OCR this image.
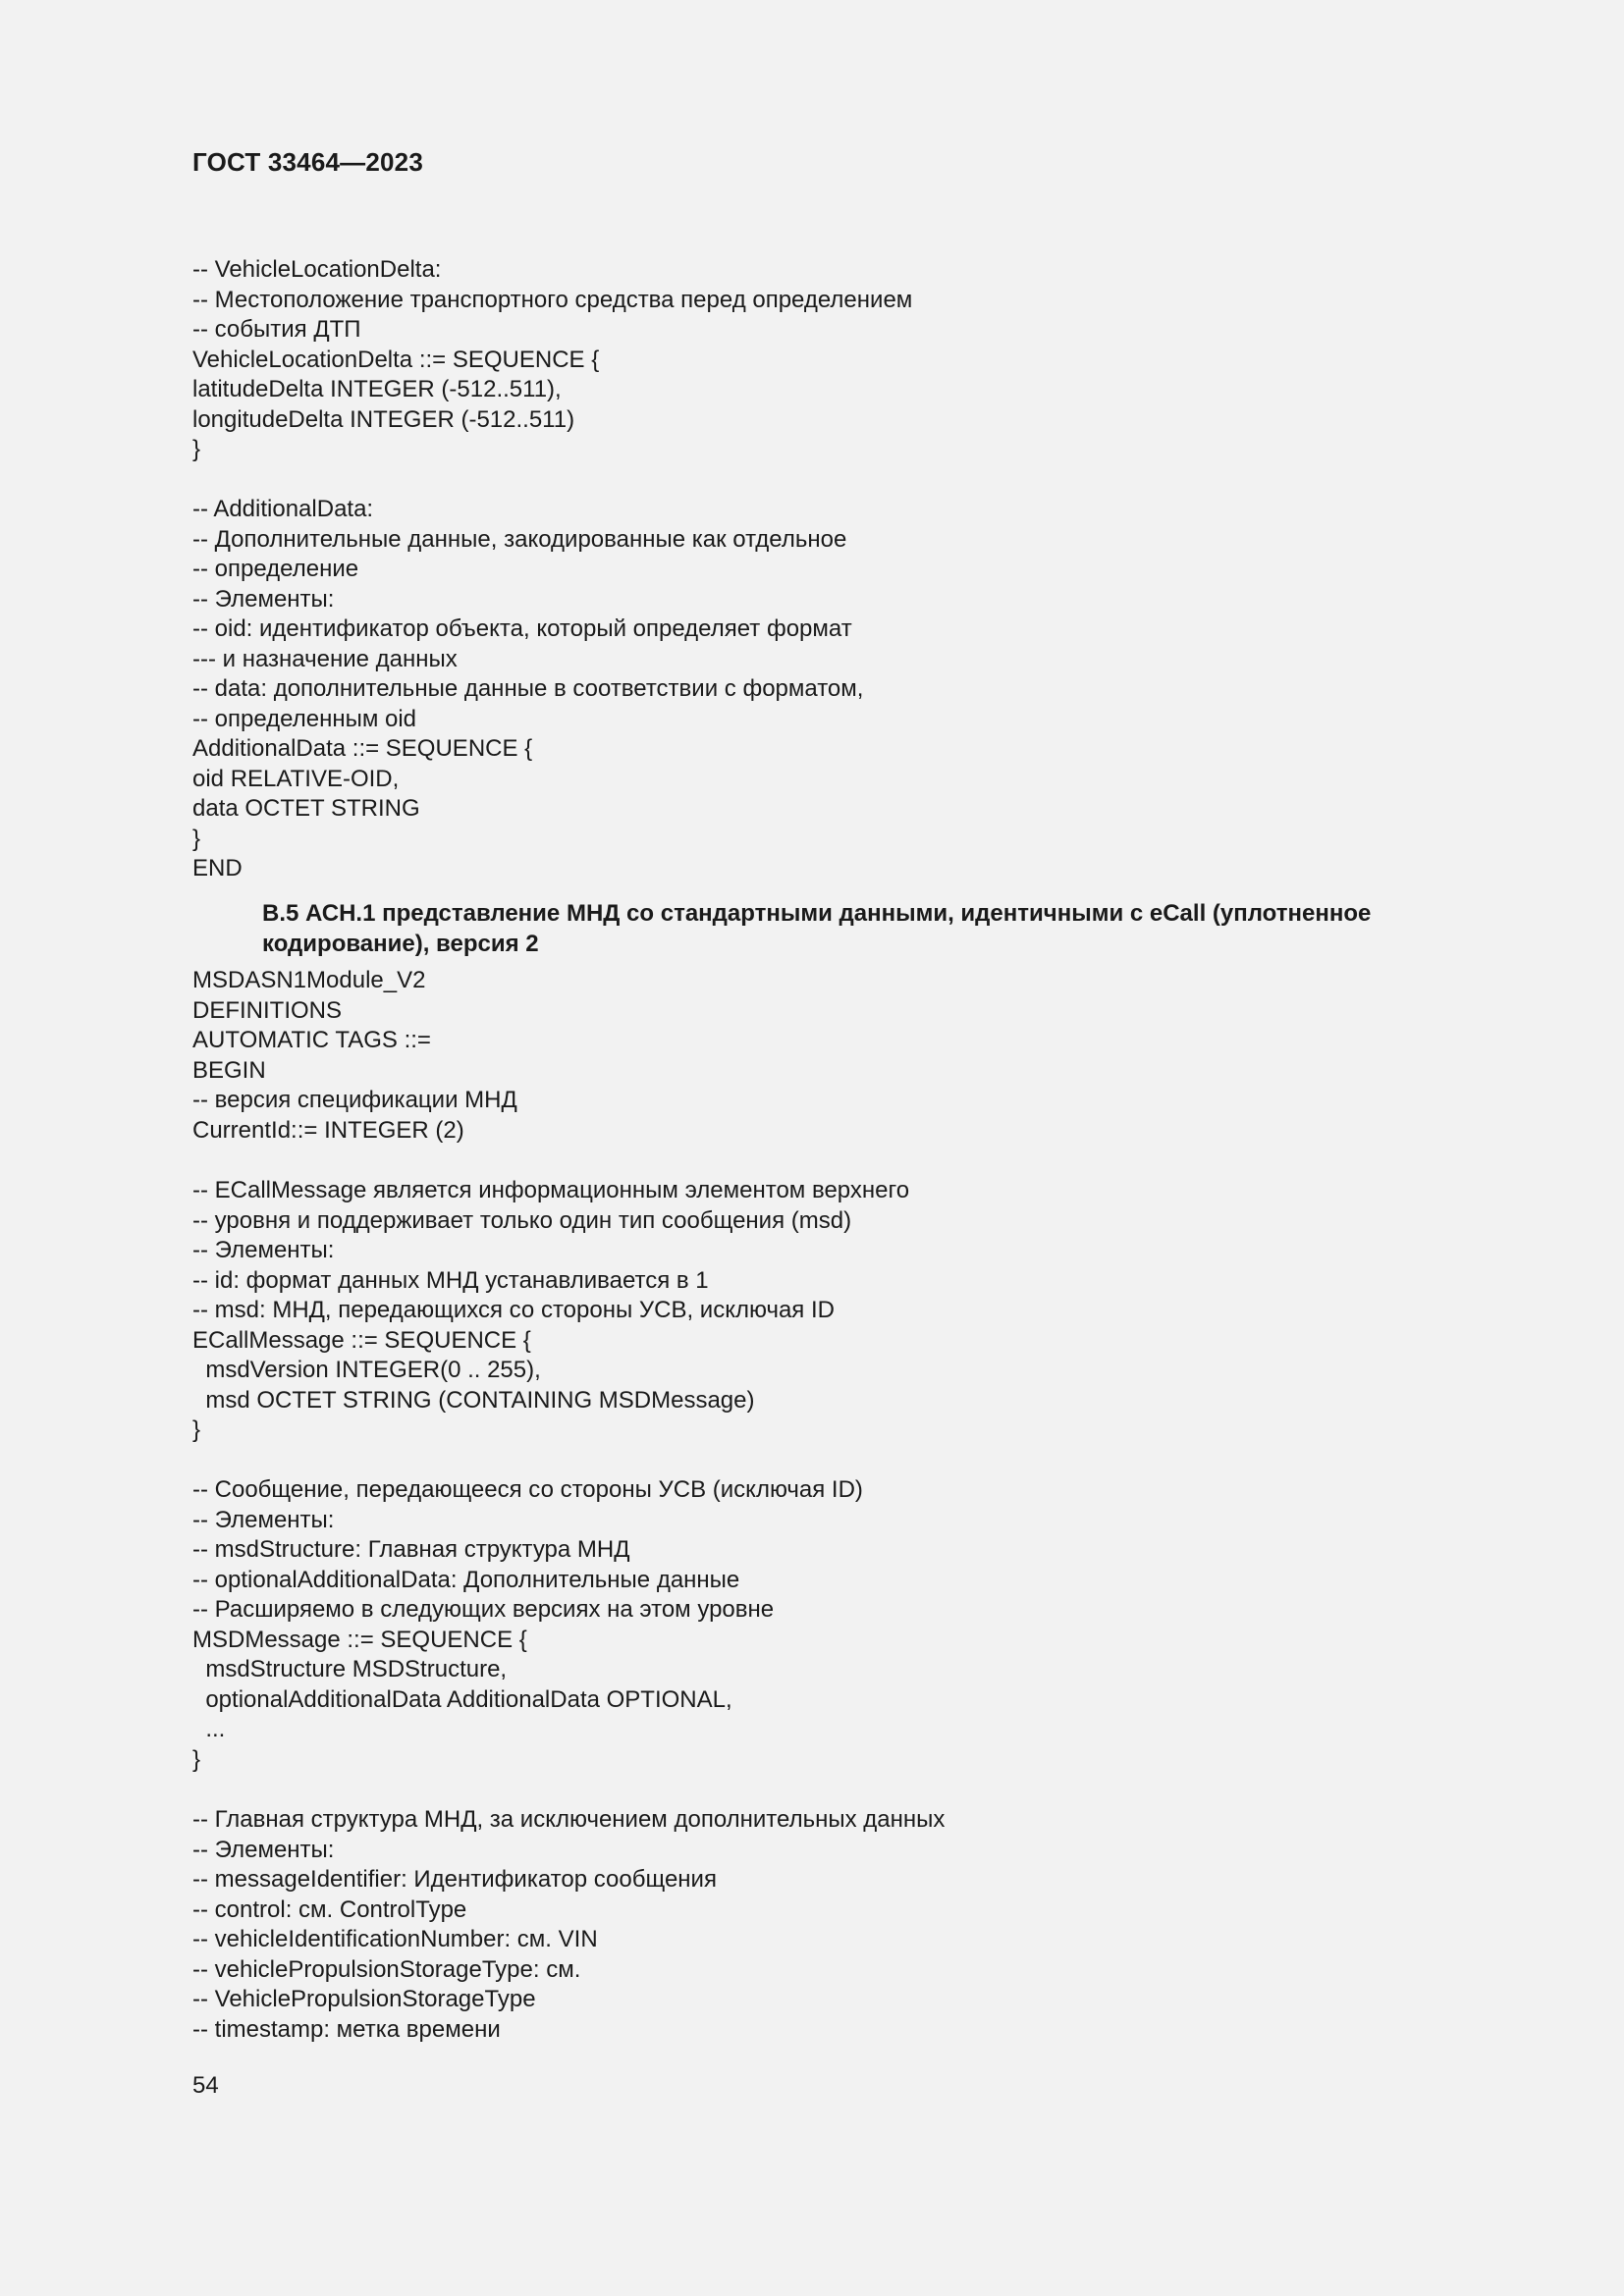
ГОСТ 33464—2023
-- VehicleLocationDelta:
-- Местоположение транспортного средства перед определением
-- события ДТП
VehicleLocationDelta ::= SEQUENCE {
latitudeDelta INTEGER (-512..511),
longitudeDelta INTEGER (-512..511)
}
-- AdditionalData:
-- Дополнительные данные, закодированные как отдельное
-- определение
-- Элементы:
-- oid: идентификатор объекта, который определяет формат
--- и назначение данных
-- data: дополнительные данные в соответствии с форматом,
-- определенным oid
AdditionalData ::= SEQUENCE {
oid RELATIVE-OID,
data OCTET STRING
}
END
В.5 АСН.1 представление МНД со стандартными данными, идентичными с eCall (уплотненное кодирование), версия 2
MSDASN1Module_V2
DEFINITIONS
AUTOMATIC TAGS ::=
BEGIN
-- версия спецификации МНД
CurrentId::= INTEGER (2)
-- ECallMessage является информационным элементом верхнего
-- уровня и поддерживает только один тип сообщения (msd)
-- Элементы:
-- id: формат данных МНД устанавливается в 1
-- msd: МНД, передающихся со стороны УСВ, исключая ID
ECallMessage ::= SEQUENCE {
msdVersion INTEGER(0 .. 255),
msd OCTET STRING (CONTAINING MSDMessage)
}
-- Сообщение, передающееся со стороны УСВ (исключая ID)
-- Элементы:
-- msdStructure: Главная структура МНД
-- optionalAdditionalData: Дополнительные данные
-- Расширяемо в следующих версиях на этом уровне
MSDMessage ::= SEQUENCE {
msdStructure MSDStructure,
optionalAdditionalData AdditionalData OPTIONAL,
...
}
-- Главная структура МНД, за исключением дополнительных данных
-- Элементы:
-- messageIdentifier: Идентификатор сообщения
-- control: см. ControlType
-- vehicleIdentificationNumber: см. VIN
-- vehiclePropulsionStorageType: см.
-- VehiclePropulsionStorageType
-- timestamp: метка времени
54
